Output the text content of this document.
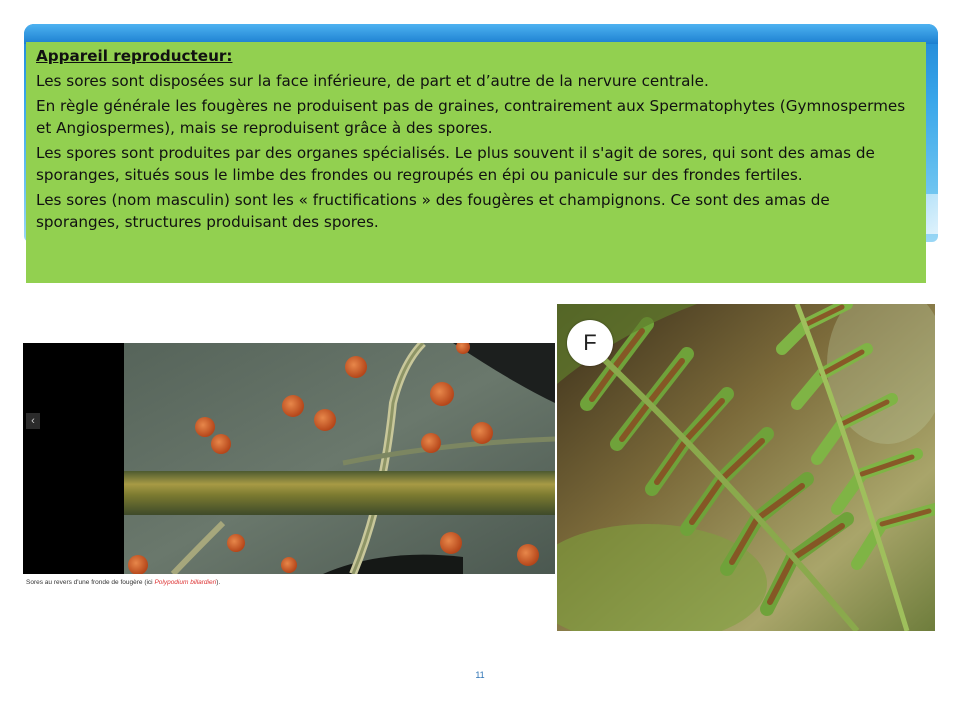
Appareil reproducteur:

Les sores sont disposées sur la face inférieure, de part et d’autre de la nervure centrale.

En règle générale les fougères ne produisent pas de graines, contrairement aux Spermatophytes (Gymnospermes et Angiospermes), mais se reproduisent grâce à des spores.

Les spores sont produites par des organes spécialisés. Le plus souvent il s'agit de sores, qui sont des amas de sporanges, situés sous le limbe des frondes ou regroupés en épi ou panicule sur des frondes fertiles.

Les sores (nom masculin) sont les « fructifications » des fougères et champignons. Ce sont des amas de sporanges, structures produisant des spores.

‹
Sores au revers d'une fronde de fougère (ici Polypodium billardieri).
F
11
